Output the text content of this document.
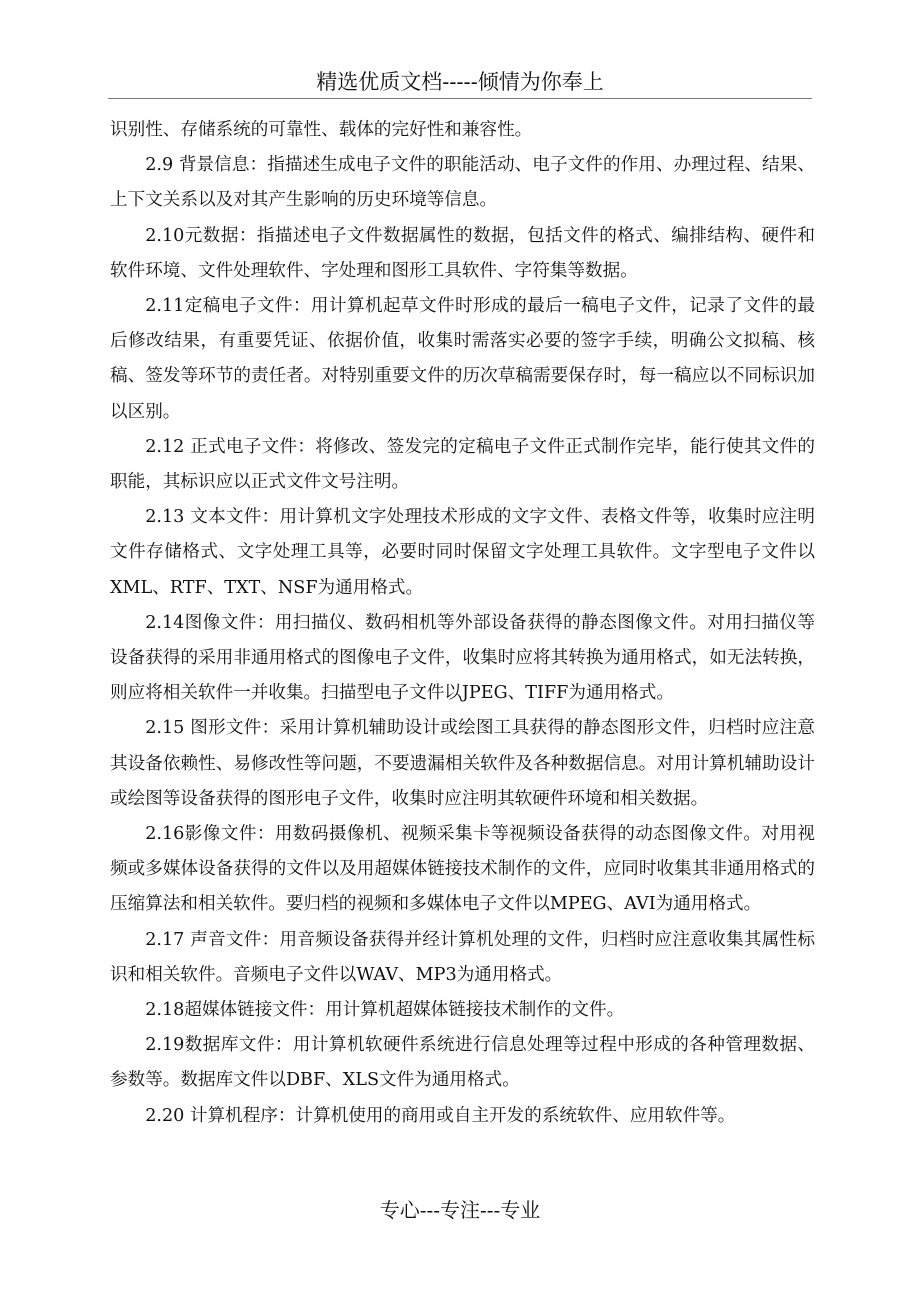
精选优质文档-----倾情为你奉上

识别性、存储系统的可靠性、载体的完好性和兼容性。

2.9 背景信息：指描述生成电子文件的职能活动、电子文件的作用、办理过程、结果、上下文关系以及对其产生影响的历史环境等信息。

2.10元数据：指描述电子文件数据属性的数据，包括文件的格式、编排结构、硬件和软件环境、文件处理软件、字处理和图形工具软件、字符集等数据。

2.11定稿电子文件：用计算机起草文件时形成的最后一稿电子文件，记录了文件的最后修改结果，有重要凭证、依据价值，收集时需落实必要的签字手续，明确公文拟稿、核稿、签发等环节的责任者。对特别重要文件的历次草稿需要保存时，每一稿应以不同标识加以区别。

2.12 正式电子文件：将修改、签发完的定稿电子文件正式制作完毕，能行使其文件的职能，其标识应以正式文件文号注明。

2.13 文本文件：用计算机文字处理技术形成的文字文件、表格文件等，收集时应注明文件存储格式、文字处理工具等，必要时同时保留文字处理工具软件。文字型电子文件以XML、RTF、TXT、NSF为通用格式。

2.14图像文件：用扫描仪、数码相机等外部设备获得的静态图像文件。对用扫描仪等设备获得的采用非通用格式的图像电子文件，收集时应将其转换为通用格式，如无法转换，则应将相关软件一并收集。扫描型电子文件以JPEG、TIFF为通用格式。

2.15 图形文件：采用计算机辅助设计或绘图工具获得的静态图形文件，归档时应注意其设备依赖性、易修改性等问题，不要遗漏相关软件及各种数据信息。对用计算机辅助设计或绘图等设备获得的图形电子文件，收集时应注明其软硬件环境和相关数据。

2.16影像文件：用数码摄像机、视频采集卡等视频设备获得的动态图像文件。对用视频或多媒体设备获得的文件以及用超媒体链接技术制作的文件，应同时收集其非通用格式的压缩算法和相关软件。要归档的视频和多媒体电子文件以MPEG、AVI为通用格式。

2.17 声音文件：用音频设备获得并经计算机处理的文件，归档时应注意收集其属性标识和相关软件。音频电子文件以WAV、MP3为通用格式。

2.18超媒体链接文件：用计算机超媒体链接技术制作的文件。

2.19数据库文件：用计算机软硬件系统进行信息处理等过程中形成的各种管理数据、参数等。数据库文件以DBF、XLS文件为通用格式。

2.20 计算机程序：计算机使用的商用或自主开发的系统软件、应用软件等。

专心---专注---专业
